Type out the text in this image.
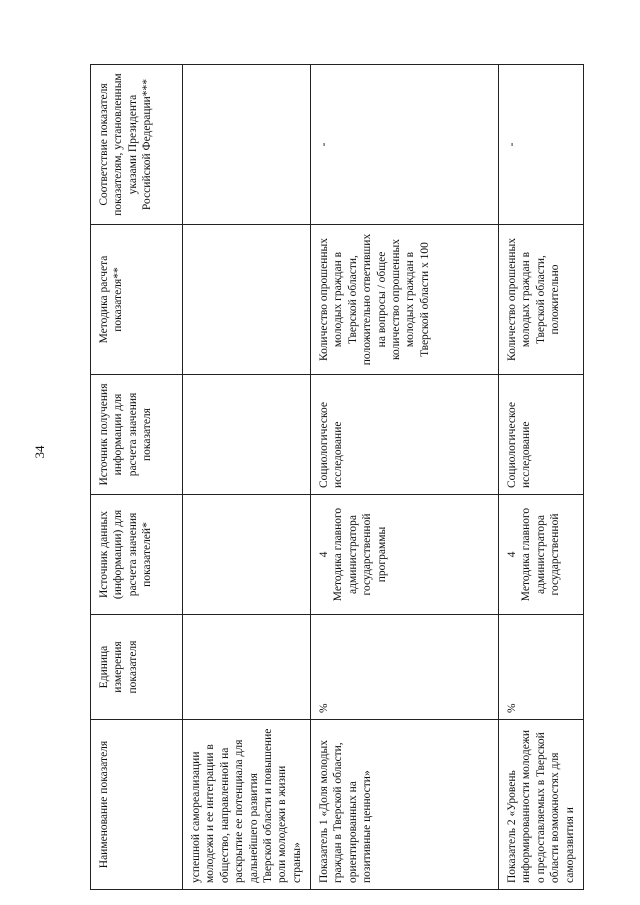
34
Наименование показателя	Единица измерения показателя	Источник данных (информации) для расчета значения показателей*	Источник получения информации для расчета значения показателя	Методика расчета показателя**	Соответствие показателя показателям, установленным указами Президента Российской Федерации***
успешной самореализации молодежи и ее интеграции в общество, направленной на раскрытие ее потенциала для дальнейшего развития Тверской области и повышение роли молодежи в жизни страны»		

Показатель 1 «Доля молодых граждан в Тверской области, ориентированных на позитивные ценности»	%	4 Методика главного администратора государственной программы	Социологическое исследование	Количество опрошенных молодых граждан в Тверской области, положительно ответивших на вопросы / общее количество опрошенных молодых граждан в Тверской области x 100	-
Показатель 2 «Уровень информированности молодежи о предоставляемых в Тверской области возможностях для саморазвития и	%	4 Методика главного администратора государственной	Социологическое исследование	Количество опрошенных молодых граждан в Тверской области, положительно	-
